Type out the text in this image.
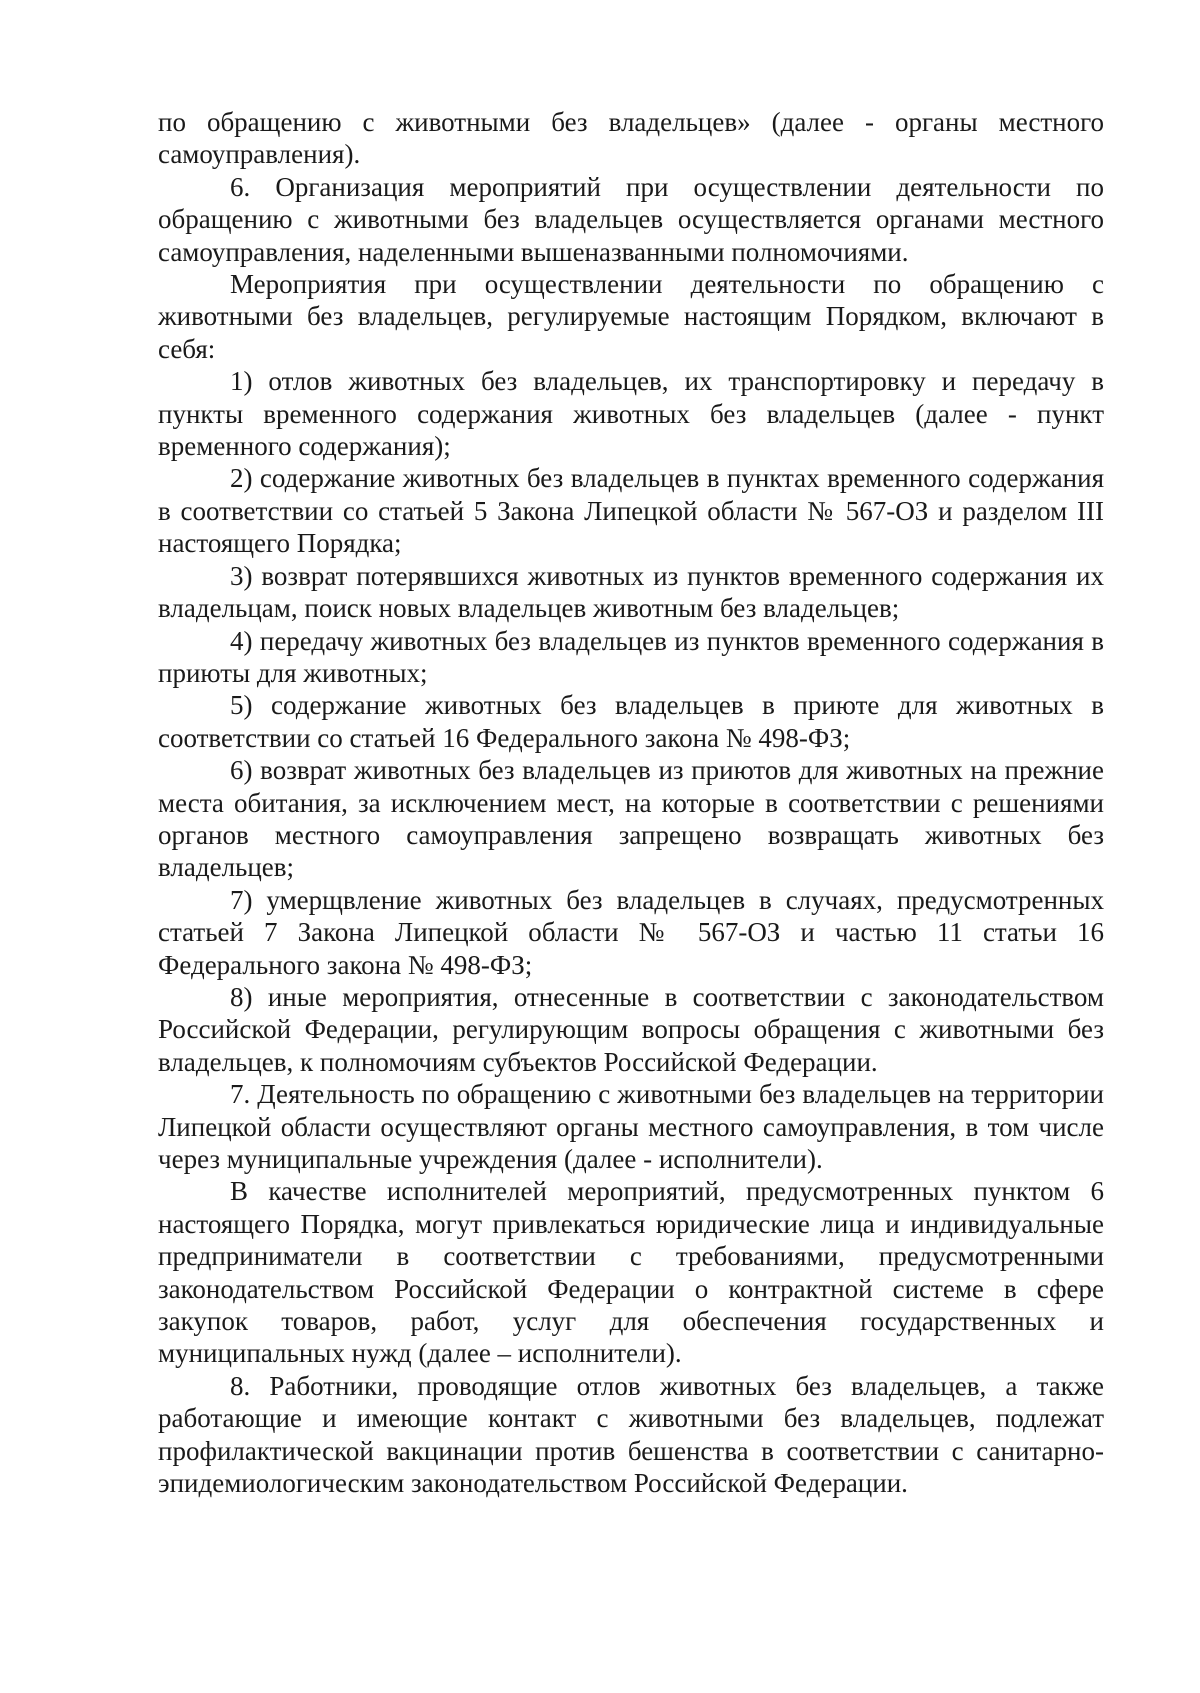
по обращению с животными без владельцев» (далее - органы местного самоуправления).

6. Организация мероприятий при осуществлении деятельности по обращению с животными без владельцев осуществляется органами местного самоуправления, наделенными вышеназванными полномочиями.

Мероприятия при осуществлении деятельности по обращению с животными без владельцев, регулируемые настоящим Порядком, включают в себя:

1) отлов животных без владельцев, их транспортировку и передачу в пункты временного содержания животных без владельцев (далее - пункт временного содержания);

2) содержание животных без владельцев в пунктах временного содержания в соответствии со статьей 5 Закона Липецкой области № 567-ОЗ и разделом III настоящего Порядка;

3) возврат потерявшихся животных из пунктов временного содержания их владельцам, поиск новых владельцев животным без владельцев;

4) передачу животных без владельцев из пунктов временного содержания в приюты для животных;

5) содержание животных без владельцев в приюте для животных в соответствии со статьей 16 Федерального закона № 498-ФЗ;

6) возврат животных без владельцев из приютов для животных на прежние места обитания, за исключением мест, на которые в соответствии с решениями органов местного самоуправления запрещено возвращать животных без владельцев;

7) умерщвление животных без владельцев в случаях, предусмотренных статьей 7 Закона Липецкой области № 567-ОЗ и частью 11 статьи 16 Федерального закона № 498-ФЗ;

8) иные мероприятия, отнесенные в соответствии с законодательством Российской Федерации, регулирующим вопросы обращения с животными без владельцев, к полномочиям субъектов Российской Федерации.

7. Деятельность по обращению с животными без владельцев на территории Липецкой области осуществляют органы местного самоуправления, в том числе через муниципальные учреждения (далее - исполнители).

В качестве исполнителей мероприятий, предусмотренных пунктом 6 настоящего Порядка, могут привлекаться юридические лица и индивидуальные предприниматели в соответствии с требованиями, предусмотренными законодательством Российской Федерации о контрактной системе в сфере закупок товаров, работ, услуг для обеспечения государственных и муниципальных нужд (далее – исполнители).

8. Работники, проводящие отлов животных без владельцев, а также работающие и имеющие контакт с животными без владельцев, подлежат профилактической вакцинации против бешенства в соответствии с санитарно-эпидемиологическим законодательством Российской Федерации.
